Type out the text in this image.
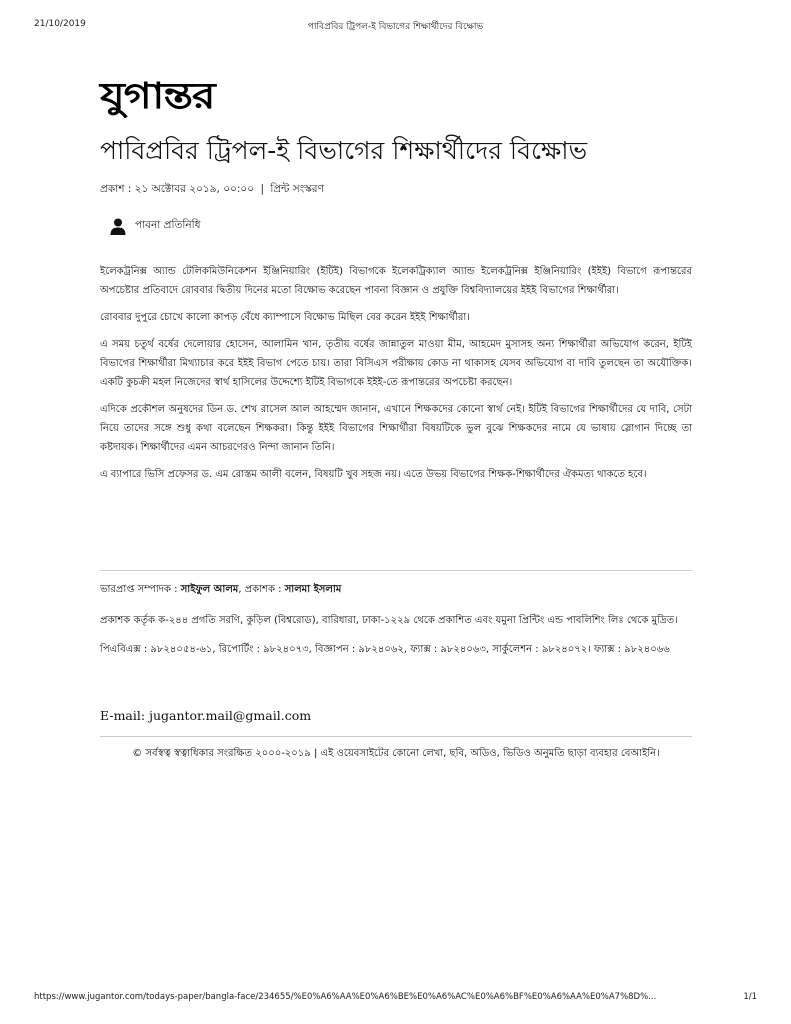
21/10/2019	পাবিপ্রবির ট্রিপল-ই বিভাগের শিক্ষার্থীদের বিক্ষোভ
যুগান্তর
পাবিপ্রবির ট্রিপল-ই বিভাগের শিক্ষার্থীদের বিক্ষোভ
প্রকাশ : ২১ অক্টোবর ২০১৯, ০০:০০ | প্রিন্ট সংস্করণ
পাবনা প্রতিনিধি

ইলেকট্রনিক্স অ্যান্ড টেলিকমিউনিকেশন ইঞ্জিনিয়ারিং (ইটিই) বিভাগকে ইলেকট্রিক্যাল অ্যান্ড ইলেকট্রনিক্স ইঞ্জিনিয়ারিং (ইইই) বিভাগে রূপান্তরের অপচেষ্টার প্রতিবাদে রোববার দ্বিতীয় দিনের মতো বিক্ষোভ করেছেন পাবনা বিজ্ঞান ও প্রযুক্তি বিশ্ববিদ্যালয়ের ইইই বিভাগের শিক্ষার্থীরা।

রোববার দুপুরে চোখে কালো কাপড় বেঁধে ক্যাম্পাসে বিক্ষোভ মিছিল বের করেন ইইই শিক্ষার্থীরা।

এ সময় চতুর্থ বর্ষের দেলোয়ার হোসেন, আলামিন খান, তৃতীয় বর্ষের জান্নাতুল মাওয়া মীম, আহমেদ মুসাসহ অন্য শিক্ষার্থীরা অভিযোগ করেন, ইটিই বিভাগের শিক্ষার্থীরা মিথ্যাচার করে ইইই বিভাগ পেতে চায়। তারা বিসিএস পরীক্ষায় কোড না থাকাসহ যেসব অভিযোগ বা দাবি তুলছেন তা অযৌক্তিক। একটি কুচক্রী মহল নিজেদের স্বার্থ হাসিলের উদ্দেশ্যে ইটিই বিভাগকে ইইই-তে রূপান্তরের অপচেষ্টা করছেন।

এদিকে প্রকৌশল অনুষদের ডিন ড. শেখ রাসেল আল আহম্মেদ জানান, এখানে শিক্ষকদের কোনো স্বার্থ নেই। ইটিই বিভাগের শিক্ষার্থীদের যে দাবি, সেটা নিয়ে তাদের সঙ্গে শুধু কথা বলেছেন শিক্ষকরা। কিন্তু ইইই বিভাগের শিক্ষার্থীরা বিষয়টিকে ভুল বুঝে শিক্ষকদের নামে যে ভাষায় স্লোগান দিচ্ছে তা কষ্টদায়ক। শিক্ষার্থীদের এমন আচরণেরও নিন্দা জানান তিনি।

এ ব্যাপারে ভিসি প্রফেসর ড. এম রোস্তম আলী বলেন, বিষয়টি খুব সহজ নয়। এতে উভয় বিভাগের শিক্ষক-শিক্ষার্থীদের ঐকমত্য থাকতে হবে।

ভারপ্রাপ্ত সম্পাদক : সাইফুল আলম, প্রকাশক : সালমা ইসলাম

প্রকাশক কর্তৃক ক-২৪৪ প্রগতি সরণি, কুড়িল (বিশ্বরোড), বারিধারা, ঢাকা-১২২৯ থেকে প্রকাশিত এবং যমুনা প্রিন্টিং এন্ড পাবলিশিং লিঃ থেকে মুদ্রিত।

পিএবিএক্স : ৯৮২৪০৫৪-৬১, রিপোর্টিং : ৯৮২৪০৭৩, বিজ্ঞাপন : ৯৮২৪০৬২, ফ্যাক্স : ৯৮২৪০৬৩, সার্কুলেশন : ৯৮২৪০৭২। ফ্যাক্স : ৯৮২৪০৬৬

E-mail: jugantor.mail@gmail.com
© সর্বস্বত্ব স্বত্বাধিকার সংরক্ষিত ২০০০-২০১৯ | এই ওয়েবসাইটের কোনো লেখা, ছবি, অডিও, ভিডিও অনুমতি ছাড়া ব্যবহার বেআইনি।
https://www.jugantor.com/todays-paper/bangla-face/234655/%E0%A6%AA%E0%A6%BE%E0%A6%AC%E0%A6%BF%E0%A6%AA%E0%A7%8D%...	1/1
